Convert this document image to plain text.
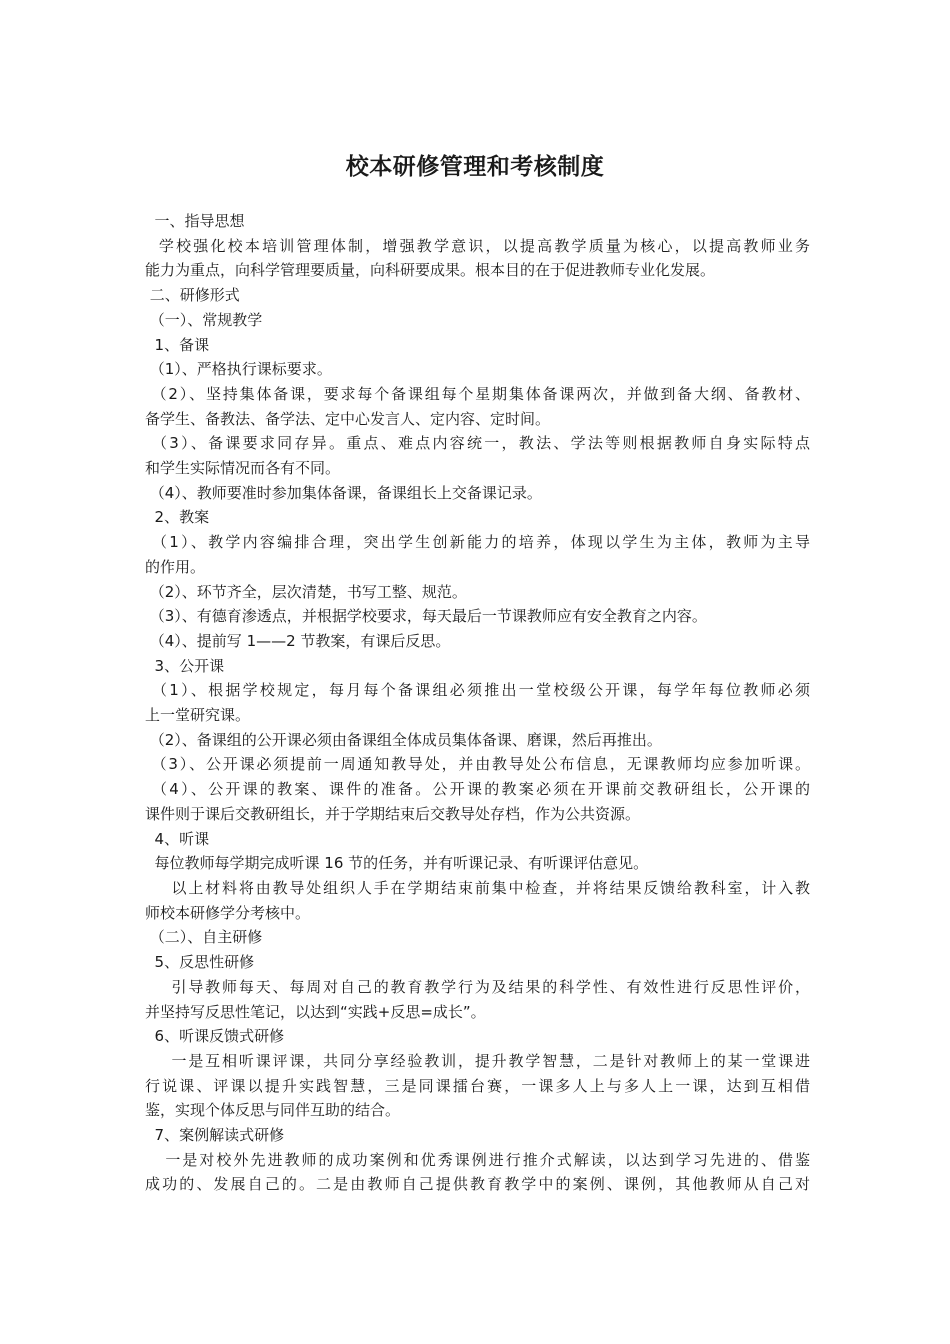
校本研修管理和考核制度
一、指导思想
学校强化校本培训管理体制，增强教学意识，以提高教学质量为核心，以提高教师业务
能力为重点，向科学管理要质量，向科研要成果。根本目的在于促进教师专业化发展。
二、研修形式
（一）、常规教学
1、备课
（1）、严格执行课标要求。
（2）、坚持集体备课，要求每个备课组每个星期集体备课两次，并做到备大纲、备教材、
备学生、备教法、备学法、定中心发言人、定内容、定时间。
（3）、备课要求同存异。重点、难点内容统一，教法、学法等则根据教师自身实际特点
和学生实际情况而各有不同。
（4）、教师要准时参加集体备课，备课组长上交备课记录。
2、教案
（1）、教学内容编排合理，突出学生创新能力的培养，体现以学生为主体，教师为主导
的作用。
（2）、环节齐全，层次清楚，书写工整、规范。
（3）、有德育渗透点，并根据学校要求，每天最后一节课教师应有安全教育之内容。
（4）、提前写 1——2 节教案，有课后反思。
3、公开课
（1）、根据学校规定，每月每个备课组必须推出一堂校级公开课，每学年每位教师必须
上一堂研究课。
（2）、备课组的公开课必须由备课组全体成员集体备课、磨课，然后再推出。
（3）、公开课必须提前一周通知教导处，并由教导处公布信息，无课教师均应参加听课。
（4）、公开课的教案、课件的准备。公开课的教案必须在开课前交教研组长，公开课的
课件则于课后交教研组长，并于学期结束后交教导处存档，作为公共资源。
4、听课
每位教师每学期完成听课 16 节的任务，并有听课记录、有听课评估意见。
以上材料将由教导处组织人手在学期结束前集中检查，并将结果反馈给教科室，计入教
师校本研修学分考核中。
（二）、自主研修
5、反思性研修
引导教师每天、每周对自己的教育教学行为及结果的科学性、有效性进行反思性评价，
并坚持写反思性笔记，以达到“实践+反思=成长”。
6、听课反馈式研修
一是互相听课评课，共同分享经验教训，提升教学智慧，二是针对教师上的某一堂课进
行说课、评课以提升实践智慧，三是同课擂台赛，一课多人上与多人上一课，达到互相借
鉴，实现个体反思与同伴互助的结合。
7、案例解读式研修
一是对校外先进教师的成功案例和优秀课例进行推介式解读，以达到学习先进的、借鉴
成功的、发展自己的。二是由教师自己提供教育教学中的案例、课例，其他教师从自己对
